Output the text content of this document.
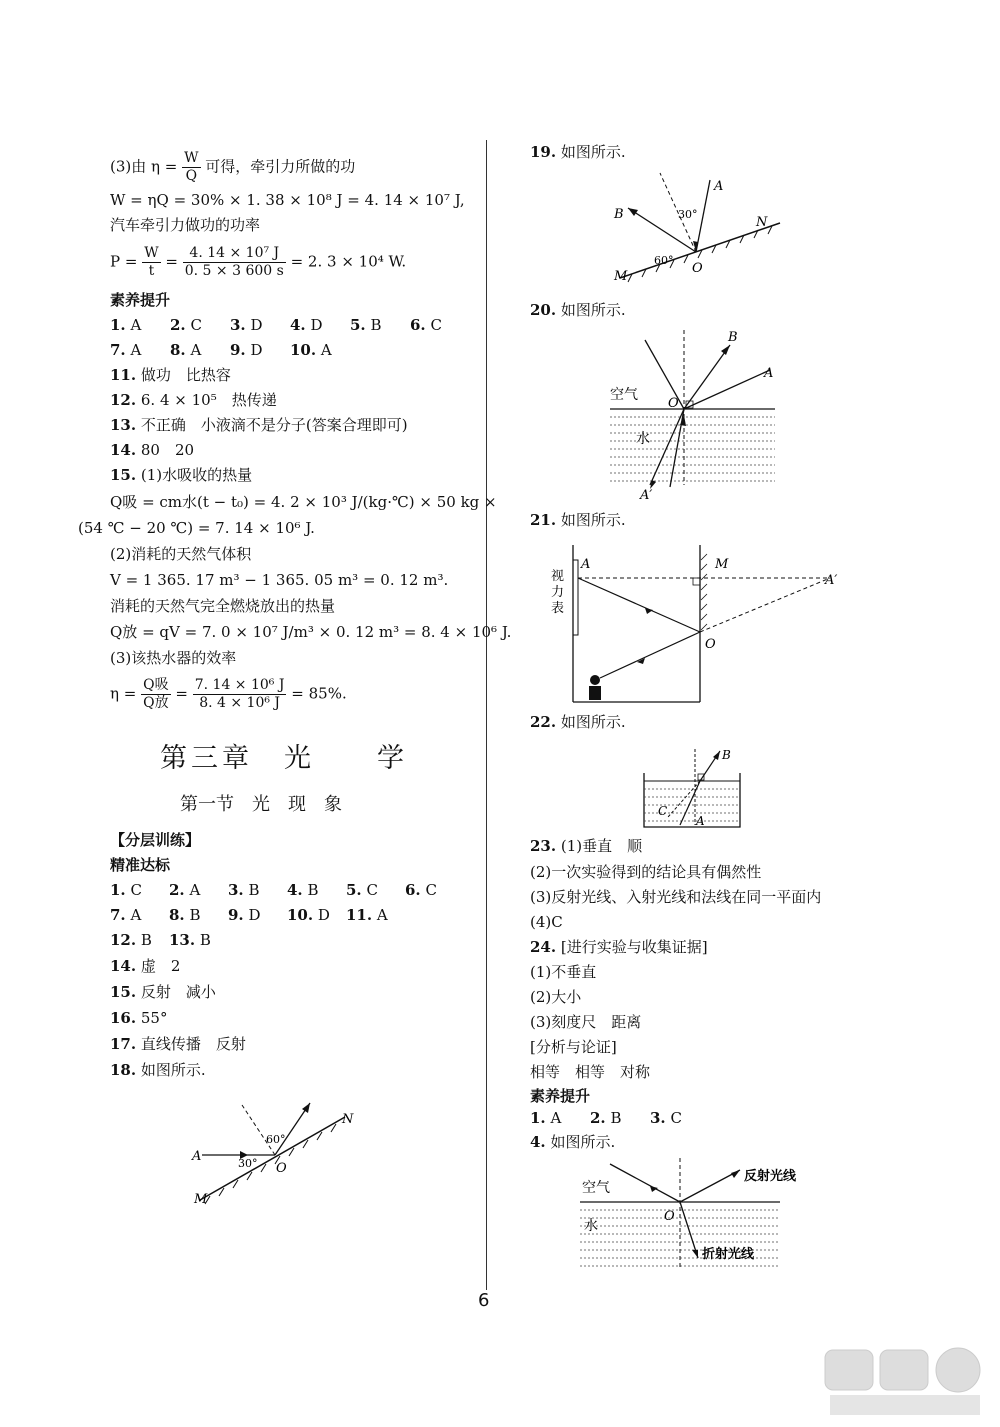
(3)由 $\eta = \frac{W}{Q}$ 可得，牵引力所做的功
W = ηQ = 30% × 1. 38 × 10⁸ J = 4. 14 × 10⁷ J,
汽车牵引力做功的功率
$P = \frac{W}{t} = \frac{\text{4. 14 × 10⁷ J}}{0. 5 \times 3 600 s} = 2$. 3 × 10⁴ W.
素养提升
1. A 2. C 3. D 4. D 5. B 6. C
7. A 8. A 9. D 10. A
11. 做功　比热容
12. 6. 4 × 10⁵　热传递
13. 不正确　小液滴不是分子(答案合理即可)
14. 80　20
15. (1)水吸收的热量
Q吸 = cm水(t − t₀) = 4. 2 × 10³ J/(kg·℃) × 50 kg ×
(54 ℃ − 20 ℃) = 7. 14 × 10⁶ J.
(2)消耗的天然气体积
V = 1 365. 17 m³ − 1 365. 05 m³ = 0. 12 m³.
消耗的天然气完全燃烧放出的热量
Q放 = qV = 7. 0 × 10⁷ J/m³ × 0. 12 m³ = 8. 4 × 10⁶ J.
(3)该热水器的效率
$\eta = \frac{\text{Q吸}}{\text{Q放}} = \frac{\text{7. 14 × 10⁶ J}}{\text{8. 4 × 10⁶ J}} = 85\%$.
第三章　光　　学
第一节　光　现　象
【分层训练】
精准达标
1. C 2. A 3. B 4. B 5. C 6. C
7. A 8. B 9. D 10. D 11. A
12. B 13. B
14. 虚　2
15. 反射　减小
16. 55°
17. 直线传播　反射
18. 如图所示.
A
N
M
O
60°
30°
19. 如图所示.
A
B
N
M
O
30°
60°
20. 如图所示.
B
A
A′
O
空气
水
21. 如图所示.
A	M
A′
O
视
力
表
22. 如图所示.
B
C
A
23. (1)垂直　顺
(2)一次实验得到的结论具有偶然性
(3)反射光线、入射光线和法线在同一平面内
(4)C
24. [进行实验与收集证据]
(1)不垂直
(2)大小
(3)刻度尺　距离
[分析与论证]
相等　相等　对称
素养提升
1. A 2. B 3. C
4. 如图所示.
空气
水
O
反射光线
折射光线
6
